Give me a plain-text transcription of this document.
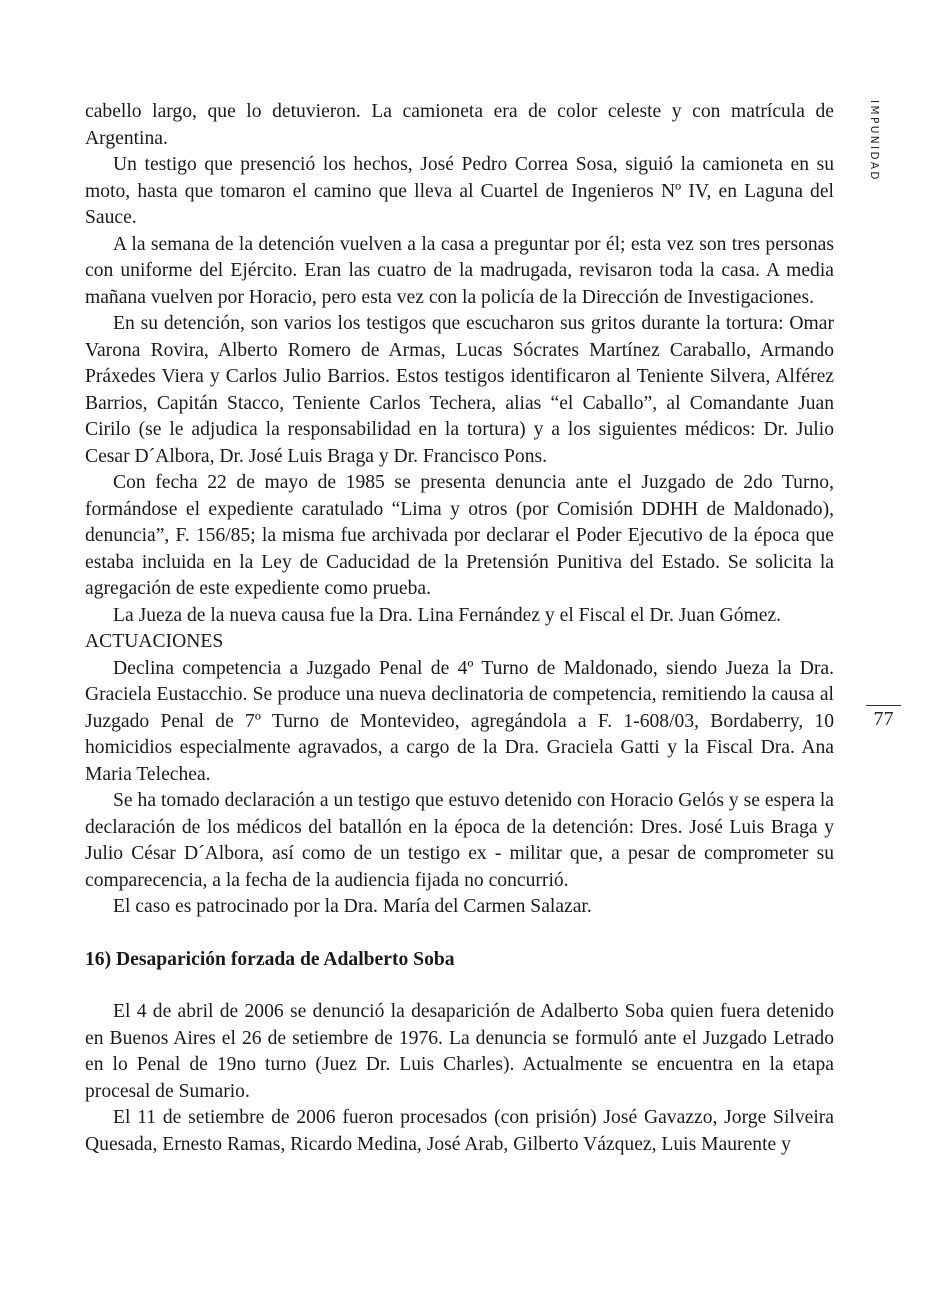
IMPUNIDAD
77

cabello largo, que lo detuvieron. La camioneta era de color celeste y con matrícula de Argentina.

Un testigo que presenció los hechos, José Pedro Correa Sosa, siguió la camioneta en su moto, hasta que tomaron el camino que lleva al Cuartel de Ingenieros Nº IV, en Laguna del Sauce.

A la semana de la detención vuelven a la casa a preguntar por él; esta vez son tres personas con uniforme del Ejército. Eran las cuatro de la madrugada, revisaron toda la casa. A media mañana vuelven por Horacio, pero esta vez con la policía de la Dirección de Investigaciones.

En su detención, son varios los testigos que escucharon sus gritos durante la tortura: Omar Varona Rovira, Alberto Romero de Armas, Lucas Sócrates Martínez Caraballo, Armando Práxedes Viera y Carlos Julio Barrios. Estos testigos identificaron al Teniente Silvera, Alférez Barrios, Capitán Stacco, Teniente Carlos Techera, alias “el Caballo”, al Comandante Juan Cirilo (se le adjudica la responsabilidad en la tortura) y a los siguientes médicos: Dr. Julio Cesar D´Albora, Dr. José Luis Braga y Dr. Francisco Pons.

Con fecha 22 de mayo de 1985 se presenta denuncia ante el Juzgado de 2do Turno, formándose el expediente caratulado “Lima y otros (por Comisión DDHH de Maldonado), denuncia”, F. 156/85; la misma fue archivada por declarar el Poder Ejecutivo de la época que estaba incluida en la Ley de Caducidad de la Pretensión Punitiva del Estado. Se solicita la agregación de este expediente como prueba.

La Jueza de la nueva causa fue la Dra. Lina Fernández y el Fiscal el Dr. Juan Gómez.

ACTUACIONES

Declina competencia a Juzgado Penal de 4º Turno de Maldonado, siendo Jueza la Dra. Graciela Eustacchio. Se produce una nueva declinatoria de competencia, remitiendo la causa al Juzgado Penal de 7º Turno de Montevideo, agregándola a F. 1-608/03, Bordaberry, 10 homicidios especialmente agravados, a cargo de la Dra. Graciela Gatti y la Fiscal Dra. Ana Maria Telechea.

Se ha tomado declaración a un testigo que estuvo detenido con Horacio Gelós y se espera la declaración de los médicos del batallón en la época de la detención: Dres. José Luis Braga y Julio César D´Albora, así como de un testigo ex - militar que, a pesar de comprometer su comparecencia, a la fecha de la audiencia fijada no concurrió.

El caso es patrocinado por la Dra. María del Carmen Salazar.

16) Desaparición forzada de Adalberto Soba

El 4 de abril de 2006 se denunció la desaparición de Adalberto Soba quien fuera detenido en Buenos Aires el 26 de setiembre de 1976. La denuncia se formuló ante el Juzgado Letrado en lo Penal de 19no turno (Juez Dr. Luis Charles). Actualmente se encuentra en la etapa procesal de Sumario.

El 11 de setiembre de 2006 fueron procesados (con prisión) José Gavazzo, Jorge Silveira Quesada, Ernesto Ramas, Ricardo Medina, José Arab, Gilberto Vázquez, Luis Maurente y
